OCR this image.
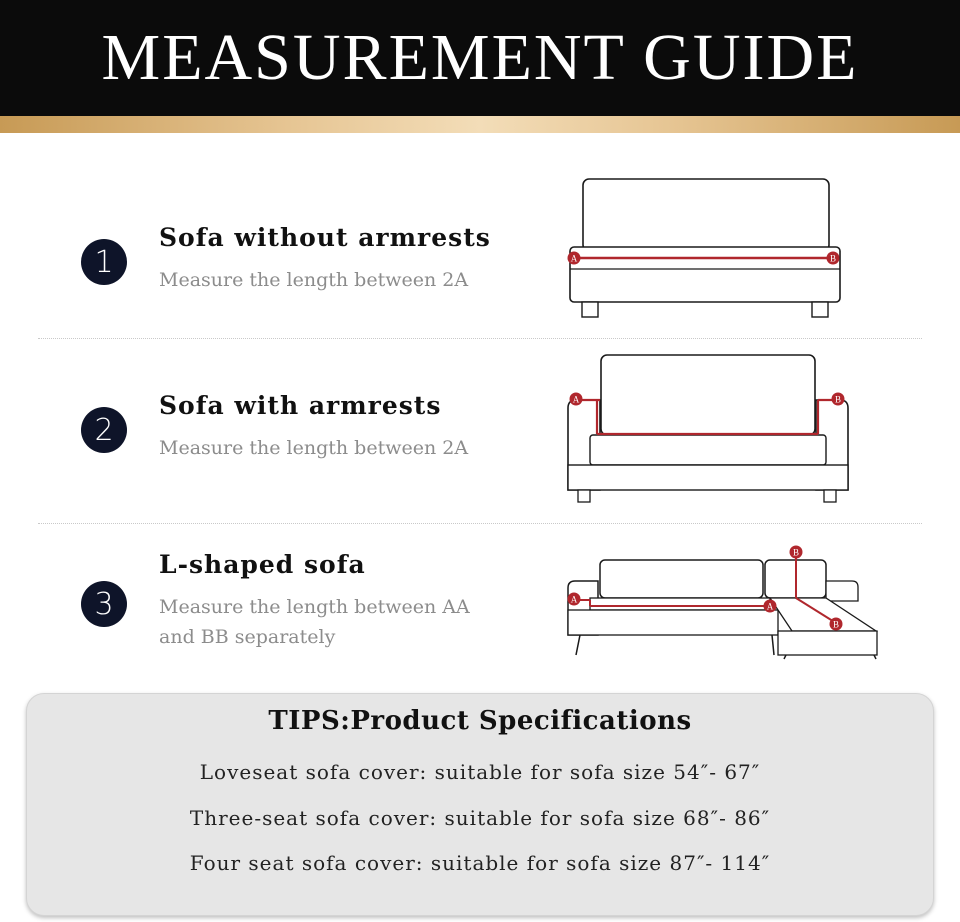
MEASUREMENT GUIDE
1
Sofa without armrests
Measure the length between 2A
A	B
2
Sofa with armrests
Measure the length between 2A
A	B
3
L-shaped sofa
Measure the length between AA
and BB separately
A
A
B
B
TIPS:Product Specifications
Loveseat sofa cover: suitable for sofa size 54″- 67″
Three-seat sofa cover: suitable for sofa size 68″- 86″
Four seat sofa cover: suitable for sofa size 87″- 114″
